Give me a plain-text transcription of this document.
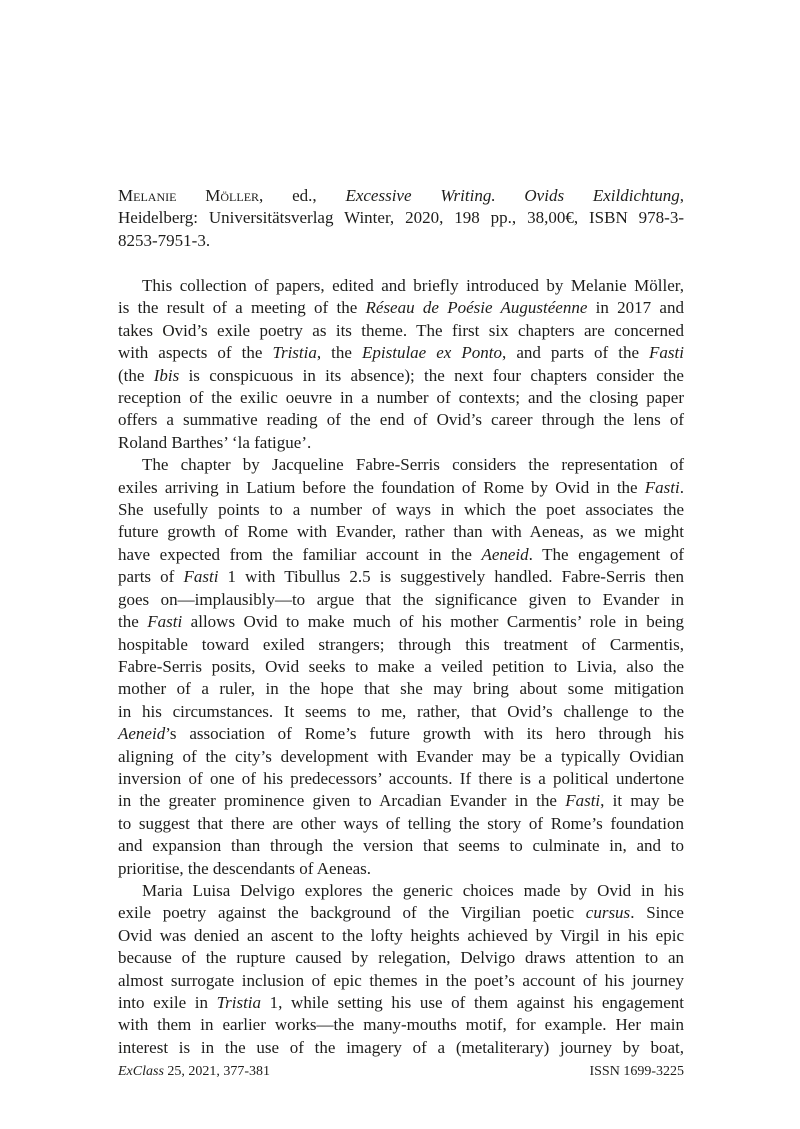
Melanie Möller, ed., Excessive Writing. Ovids Exildichtung,

Heidelberg: Universitätsverlag Winter, 2020, 198 pp., 38,00€, ISBN 978-3-

8253-7951-3.

This collection of papers, edited and briefly introduced by Melanie Möller,

is the result of a meeting of the Réseau de Poésie Augustéenne in 2017 and

takes Ovid’s exile poetry as its theme. The first six chapters are concerned

with aspects of the Tristia, the Epistulae ex Ponto, and parts of the Fasti

(the Ibis is conspicuous in its absence); the next four chapters consider the

reception of the exilic oeuvre in a number of contexts; and the closing paper

offers a summative reading of the end of Ovid’s career through the lens of

Roland Barthes’ ‘la fatigue’.

The chapter by Jacqueline Fabre-Serris considers the representation of

exiles arriving in Latium before the foundation of Rome by Ovid in the Fasti.

She usefully points to a number of ways in which the poet associates the

future growth of Rome with Evander, rather than with Aeneas, as we might

have expected from the familiar account in the Aeneid. The engagement of

parts of Fasti 1 with Tibullus 2.5 is suggestively handled. Fabre-Serris then

goes on—implausibly—to argue that the significance given to Evander in

the Fasti allows Ovid to make much of his mother Carmentis’ role in being

hospitable toward exiled strangers; through this treatment of Carmentis,

Fabre-Serris posits, Ovid seeks to make a veiled petition to Livia, also the

mother of a ruler, in the hope that she may bring about some mitigation

in his circumstances. It seems to me, rather, that Ovid’s challenge to the

Aeneid’s association of Rome’s future growth with its hero through his

aligning of the city’s development with Evander may be a typically Ovidian

inversion of one of his predecessors’ accounts. If there is a political undertone

in the greater prominence given to Arcadian Evander in the Fasti, it may be

to suggest that there are other ways of telling the story of Rome’s foundation

and expansion than through the version that seems to culminate in, and to

prioritise, the descendants of Aeneas.

Maria Luisa Delvigo explores the generic choices made by Ovid in his

exile poetry against the background of the Virgilian poetic cursus. Since

Ovid was denied an ascent to the lofty heights achieved by Virgil in his epic

because of the rupture caused by relegation, Delvigo draws attention to an

almost surrogate inclusion of epic themes in the poet’s account of his journey

into exile in Tristia 1, while setting his use of them against his engagement

with them in earlier works—the many-mouths motif, for example. Her main

interest is in the use of the imagery of a (metaliterary) journey by boat,

ExClass 25, 2021, 377-381	ISSN 1699-3225
